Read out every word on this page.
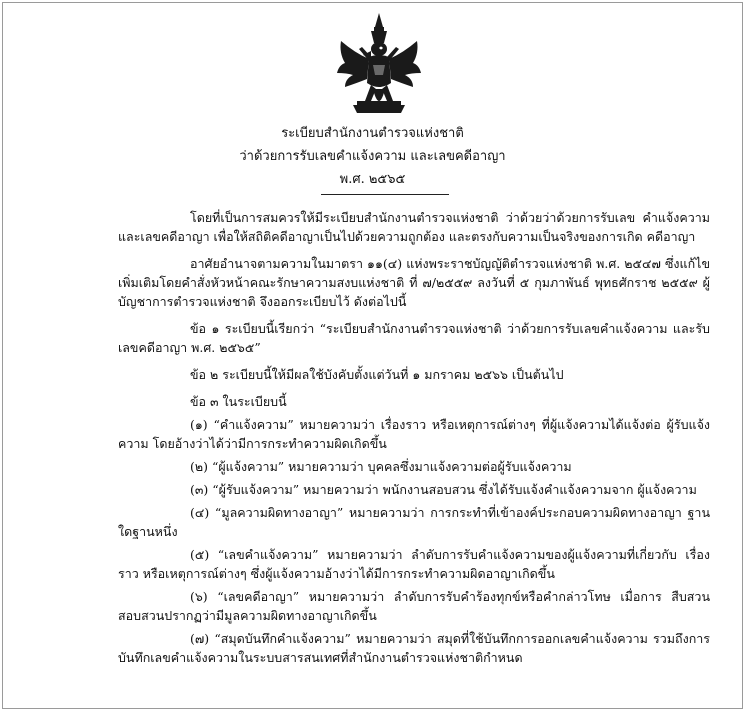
ระเบียบสำนักงานตำรวจแห่งชาติ
ว่าด้วยการรับเลขคำแจ้งความ และเลขคดีอาญา
พ.ศ. ๒๕๖๕

โดยที่เป็นการสมควรให้มีระเบียบสำนักงานตำรวจแห่งชาติ ว่าด้วยว่าด้วยการรับเลข คำแจ้งความ และเลขคดีอาญา เพื่อให้สถิติคดีอาญาเป็นไปด้วยความถูกต้อง และตรงกับความเป็นจริงของการเกิด คดีอาญา

อาศัยอำนาจตามความในมาตรา ๑๑(๔) แห่งพระราชบัญญัติตำรวจแห่งชาติ พ.ศ. ๒๕๔๗ ซึ่งแก้ไขเพิ่มเติมโดยคำสั่งหัวหน้าคณะรักษาความสงบแห่งชาติ ที่ ๗/๒๕๕๙ ลงวันที่ ๕ กุมภาพันธ์ พุทธศักราช ๒๕๕๙ ผู้บัญชาการตำรวจแห่งชาติ จึงออกระเบียบไว้ ดังต่อไปนี้

ข้อ ๑ ระเบียบนี้เรียกว่า “ระเบียบสำนักงานตำรวจแห่งชาติ ว่าด้วยการรับเลขคำแจ้งความ และรับเลขคดีอาญา พ.ศ. ๒๕๖๕”

ข้อ ๒ ระเบียบนี้ให้มีผลใช้บังคับตั้งแต่วันที่ ๑ มกราคม ๒๕๖๖ เป็นต้นไป

ข้อ ๓ ในระเบียบนี้

(๑) “คำแจ้งความ” หมายความว่า เรื่องราว หรือเหตุการณ์ต่างๆ ที่ผู้แจ้งความได้แจ้งต่อ ผู้รับแจ้งความ โดยอ้างว่าได้ว่ามีการกระทำความผิดเกิดขึ้น

(๒) “ผู้แจ้งความ” หมายความว่า บุคคลซึ่งมาแจ้งความต่อผู้รับแจ้งความ

(๓) “ผู้รับแจ้งความ” หมายความว่า พนักงานสอบสวน ซึ่งได้รับแจ้งคำแจ้งความจาก ผู้แจ้งความ

(๔) “มูลความผิดทางอาญา” หมายความว่า การกระทำที่เข้าองค์ประกอบความผิดทางอาญา ฐานใดฐานหนึ่ง

(๕) “เลขคำแจ้งความ” หมายความว่า ลำดับการรับคำแจ้งความของผู้แจ้งความที่เกี่ยวกับ เรื่องราว หรือเหตุการณ์ต่างๆ ซึ่งผู้แจ้งความอ้างว่าได้มีการกระทำความผิดอาญาเกิดขึ้น

(๖) “เลขคดีอาญา” หมายความว่า ลำดับการรับคำร้องทุกข์หรือคำกล่าวโทษ เมื่อการ สืบสวนสอบสวนปรากฏว่ามีมูลความผิดทางอาญาเกิดขึ้น

(๗) “สมุดบันทึกคำแจ้งความ” หมายความว่า สมุดที่ใช้บันทึกการออกเลขคำแจ้งความ รวมถึงการบันทึกเลขคำแจ้งความในระบบสารสนเทศที่สำนักงานตำรวจแห่งชาติกำหนด
